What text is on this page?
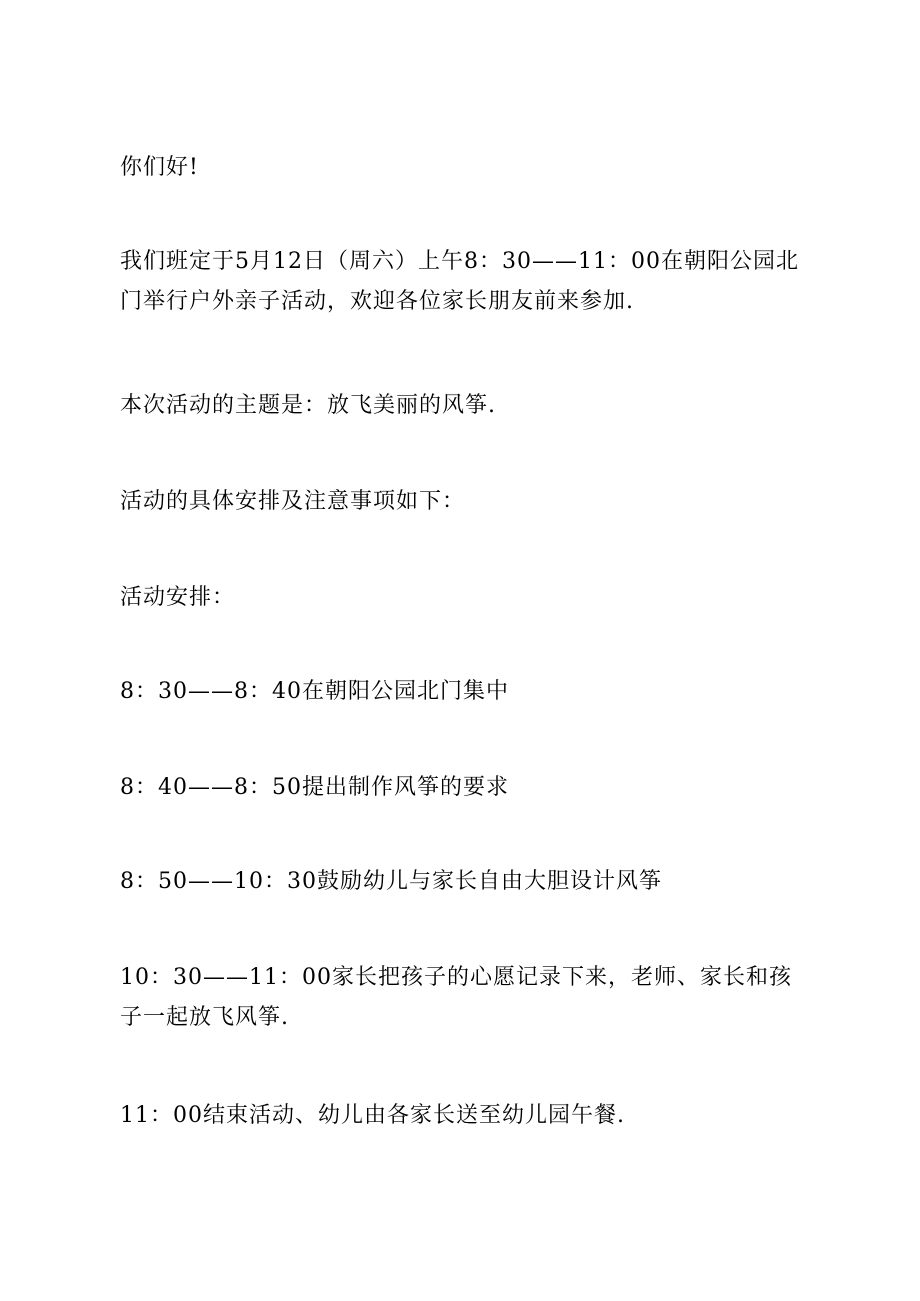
你们好!
我们班定于5月12日（周六）上午8：30——11：00在朝阳公园北门举行户外亲子活动，欢迎各位家长朋友前来参加.
本次活动的主题是：放飞美丽的风筝.
活动的具体安排及注意事项如下：
活动安排：
8：30——8：40在朝阳公园北门集中
8：40——8：50提出制作风筝的要求
8：50——10：30鼓励幼儿与家长自由大胆设计风筝
10：30——11：00家长把孩子的心愿记录下来，老师、家长和孩子一起放飞风筝.
11：00结束活动、幼儿由各家长送至幼儿园午餐.
